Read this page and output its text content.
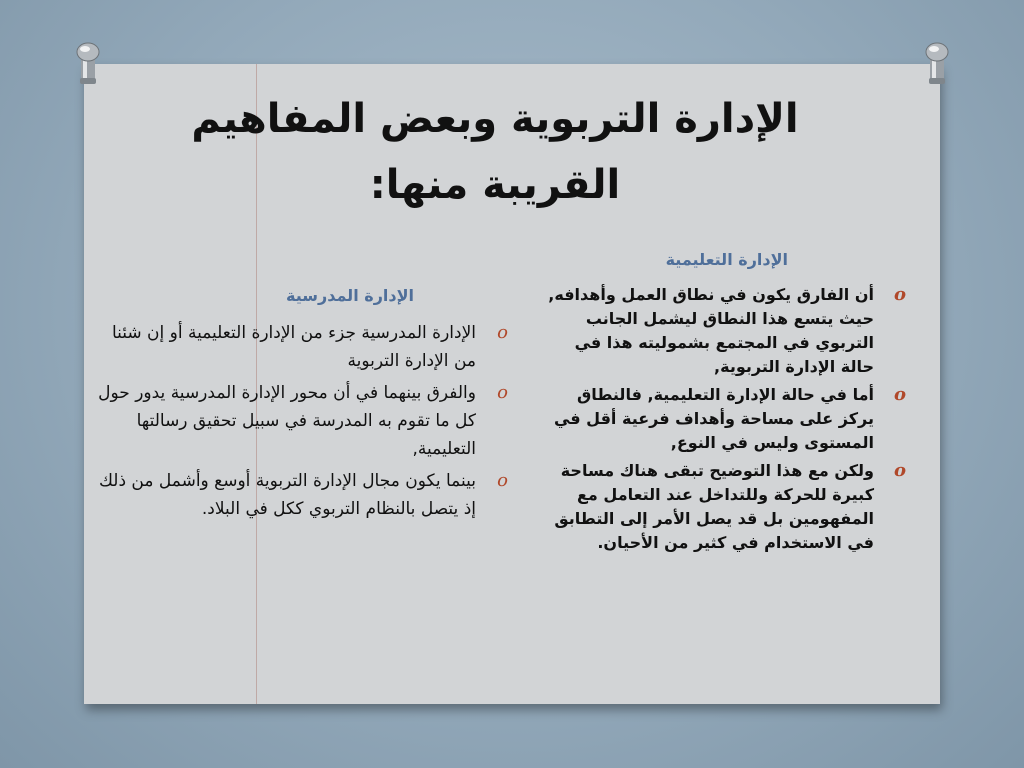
الإدارة التربوية وبعض المفاهيم القريبة منها:
الإدارة التعليمية
o
أن الفارق يكون في نطاق العمل وأهدافه, حيث يتسع هذا النطاق ليشمل الجانب التربوي في المجتمع بشموليته هذا في حالة الإدارة التربوية,
o
أما في حالة الإدارة التعليمية, فالنطاق يركز على مساحة وأهداف فرعية أقل في المستوى وليس في النوع,
o
ولكن مع هذا التوضيح تبقى هناك مساحة كبيرة للحركة وللتداخل عند التعامل مع المفهومين بل قد يصل الأمر إلى التطابق في الاستخدام في كثير من الأحيان.
الإدارة المدرسية
o
الإدارة المدرسية جزء من الإدارة التعليمية أو إن شئنا من الإدارة التربوية
o
والفرق بينهما في أن محور الإدارة المدرسية يدور حول كل ما تقوم به المدرسة في سبيل تحقيق رسالتها التعليمية,
o
بينما يكون مجال الإدارة التربوية أوسع وأشمل من ذلك إذ يتصل بالنظام التربوي ككل في البلاد.
